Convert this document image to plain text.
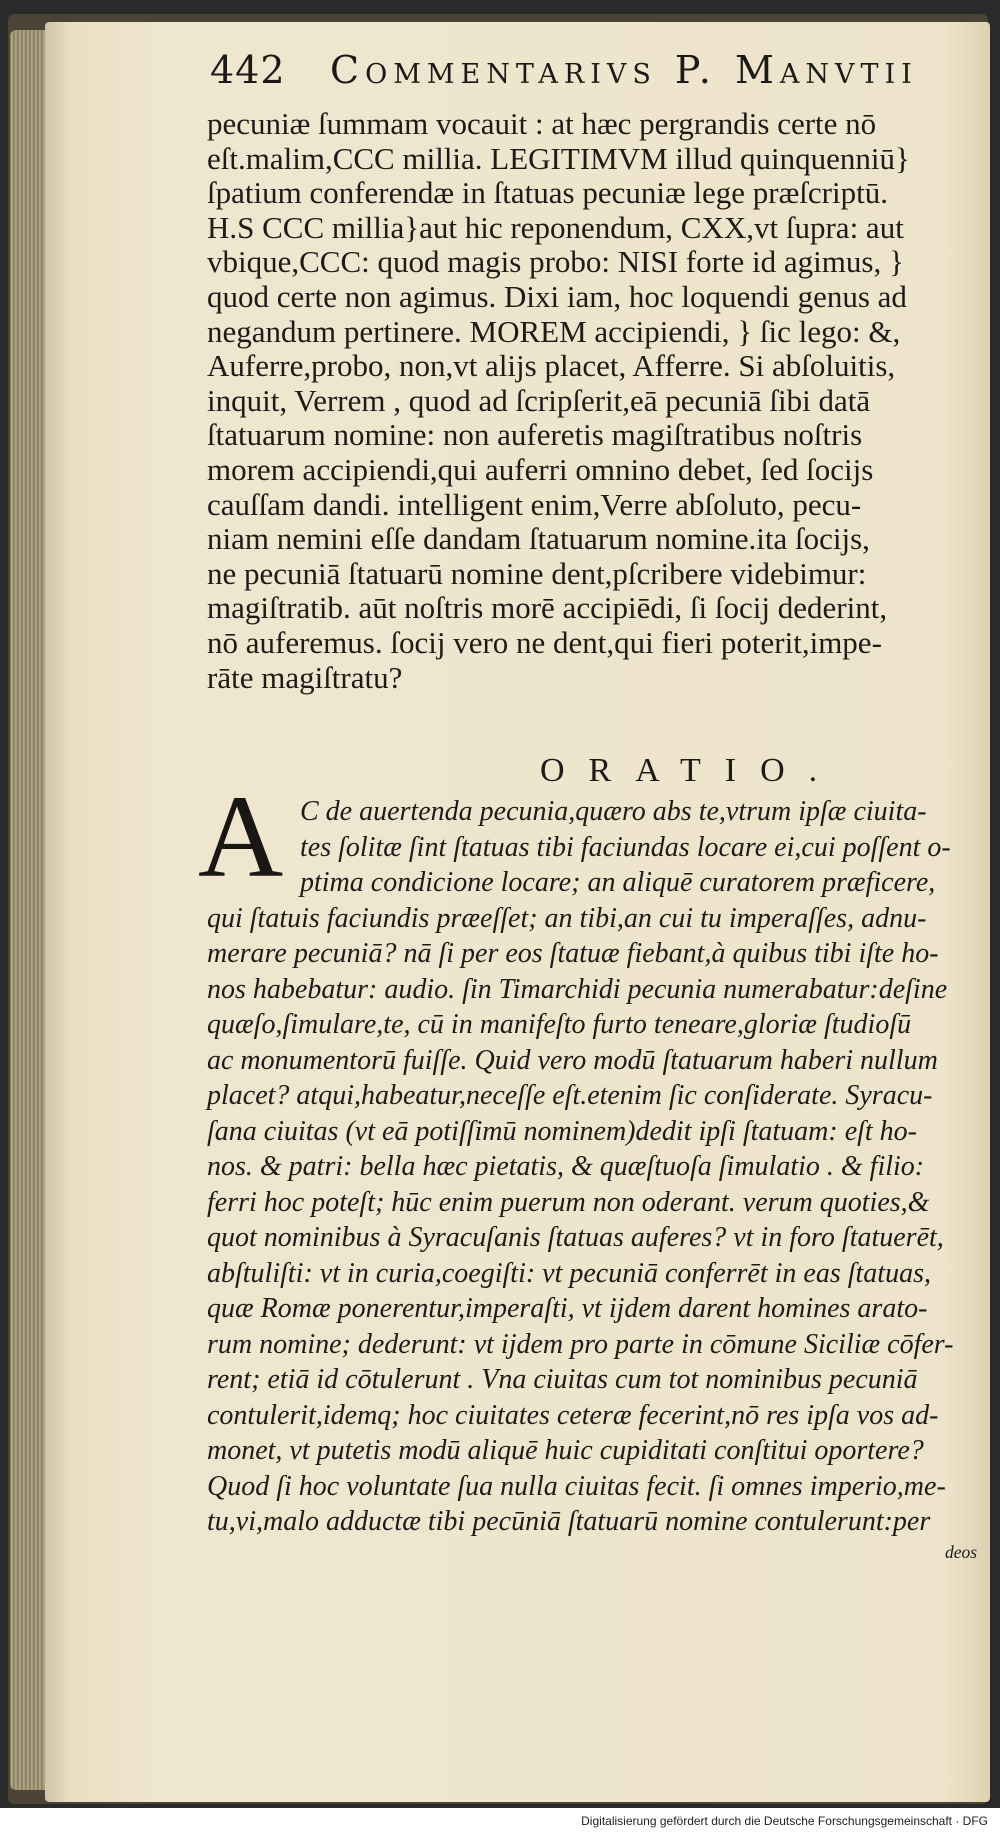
442 Commentarivs P. Manvtii
pecuniæ ſummam vocauit : at hæc pergrandis certe nō
eſt.malim,CCC millia. LEGITIMVM illud quinquenniū}
ſpatium conferendæ in ſtatuas pecuniæ lege præſcriptū.
H.S CCC millia}aut hic reponendum, CXX,vt ſupra: aut
vbique,CCC: quod magis probo: NISI forte id agimus, }
quod certe non agimus. Dixi iam, hoc loquendi genus ad
negandum pertinere. MOREM accipiendi, } ſic lego: &,
Auferre,probo, non,vt alijs placet, Afferre. Si abſoluitis,
inquit, Verrem , quod ad ſcripſerit,eā pecuniā ſibi datā
ſtatuarum nomine: non auferetis magiſtratibus noſtris
morem accipiendi,qui auferri omnino debet, ſed ſocijs
cauſſam dandi. intelligent enim,Verre abſoluto, pecu-
niam nemini eſſe dandam ſtatuarum nomine.ita ſocijs,
ne pecuniā ſtatuarū nomine dent,pſcribere videbimur:
magiſtratib. aūt noſtris morē accipiēdi, ſi ſocij dederint,
nō auferemus. ſocij vero ne dent,qui fieri poterit,impe-
rāte magiſtratu?
ORATIO.
A C de auertenda pecunia,quæro abs te,vtrum ipſæ ciuita-
tes ſolitæ ſint ſtatuas tibi faciundas locare ei,cui poſſent o-
ptima condicione locare; an aliquē curatorem præficere,
qui ſtatuis faciundis præeſſet; an tibi,an cui tu imperaſſes, adnu-
merare pecuniā? nā ſi per eos ſtatuæ fiebant,à quibus tibi iſte ho-
nos habebatur: audio. ſin Timarchidi pecunia numerabatur:deſine
quæſo,ſimulare,te, cū in manifeſto furto teneare,gloriæ ſtudioſū
ac monumentorū fuiſſe. Quid vero modū ſtatuarum haberi nullum
placet? atqui,habeatur,neceſſe eſt.etenim ſic conſiderate. Syracu-
ſana ciuitas (vt eā potiſſimū nominem)dedit ipſi ſtatuam: eſt ho-
nos. & patri: bella hæc pietatis, & quæſtuoſa ſimulatio . & filio:
ferri hoc poteſt; hūc enim puerum non oderant. verum quoties,&
quot nominibus à Syracuſanis ſtatuas auferes? vt in foro ſtatuerēt,
abſtuliſti: vt in curia,coegiſti: vt pecuniā conferrēt in eas ſtatuas,
quæ Romæ ponerentur,imperaſti, vt ijdem darent homines arato-
rum nomine; dederunt: vt ijdem pro parte in cōmune Siciliæ cōfer-
rent; etiā id cōtulerunt . Vna ciuitas cum tot nominibus pecuniā
contulerit,idemq; hoc ciuitates ceteræ fecerint,nō res ipſa vos ad-
monet, vt putetis modū aliquē huic cupiditati conſtitui oportere?
Quod ſi hoc voluntate ſua nulla ciuitas fecit. ſi omnes imperio,me-
tu,vi,malo adductæ tibi pecūniā ſtatuarū nomine contulerunt:per
deos
Digitalisierung gefördert durch die Deutsche Forschungsgemeinschaft · DFG
